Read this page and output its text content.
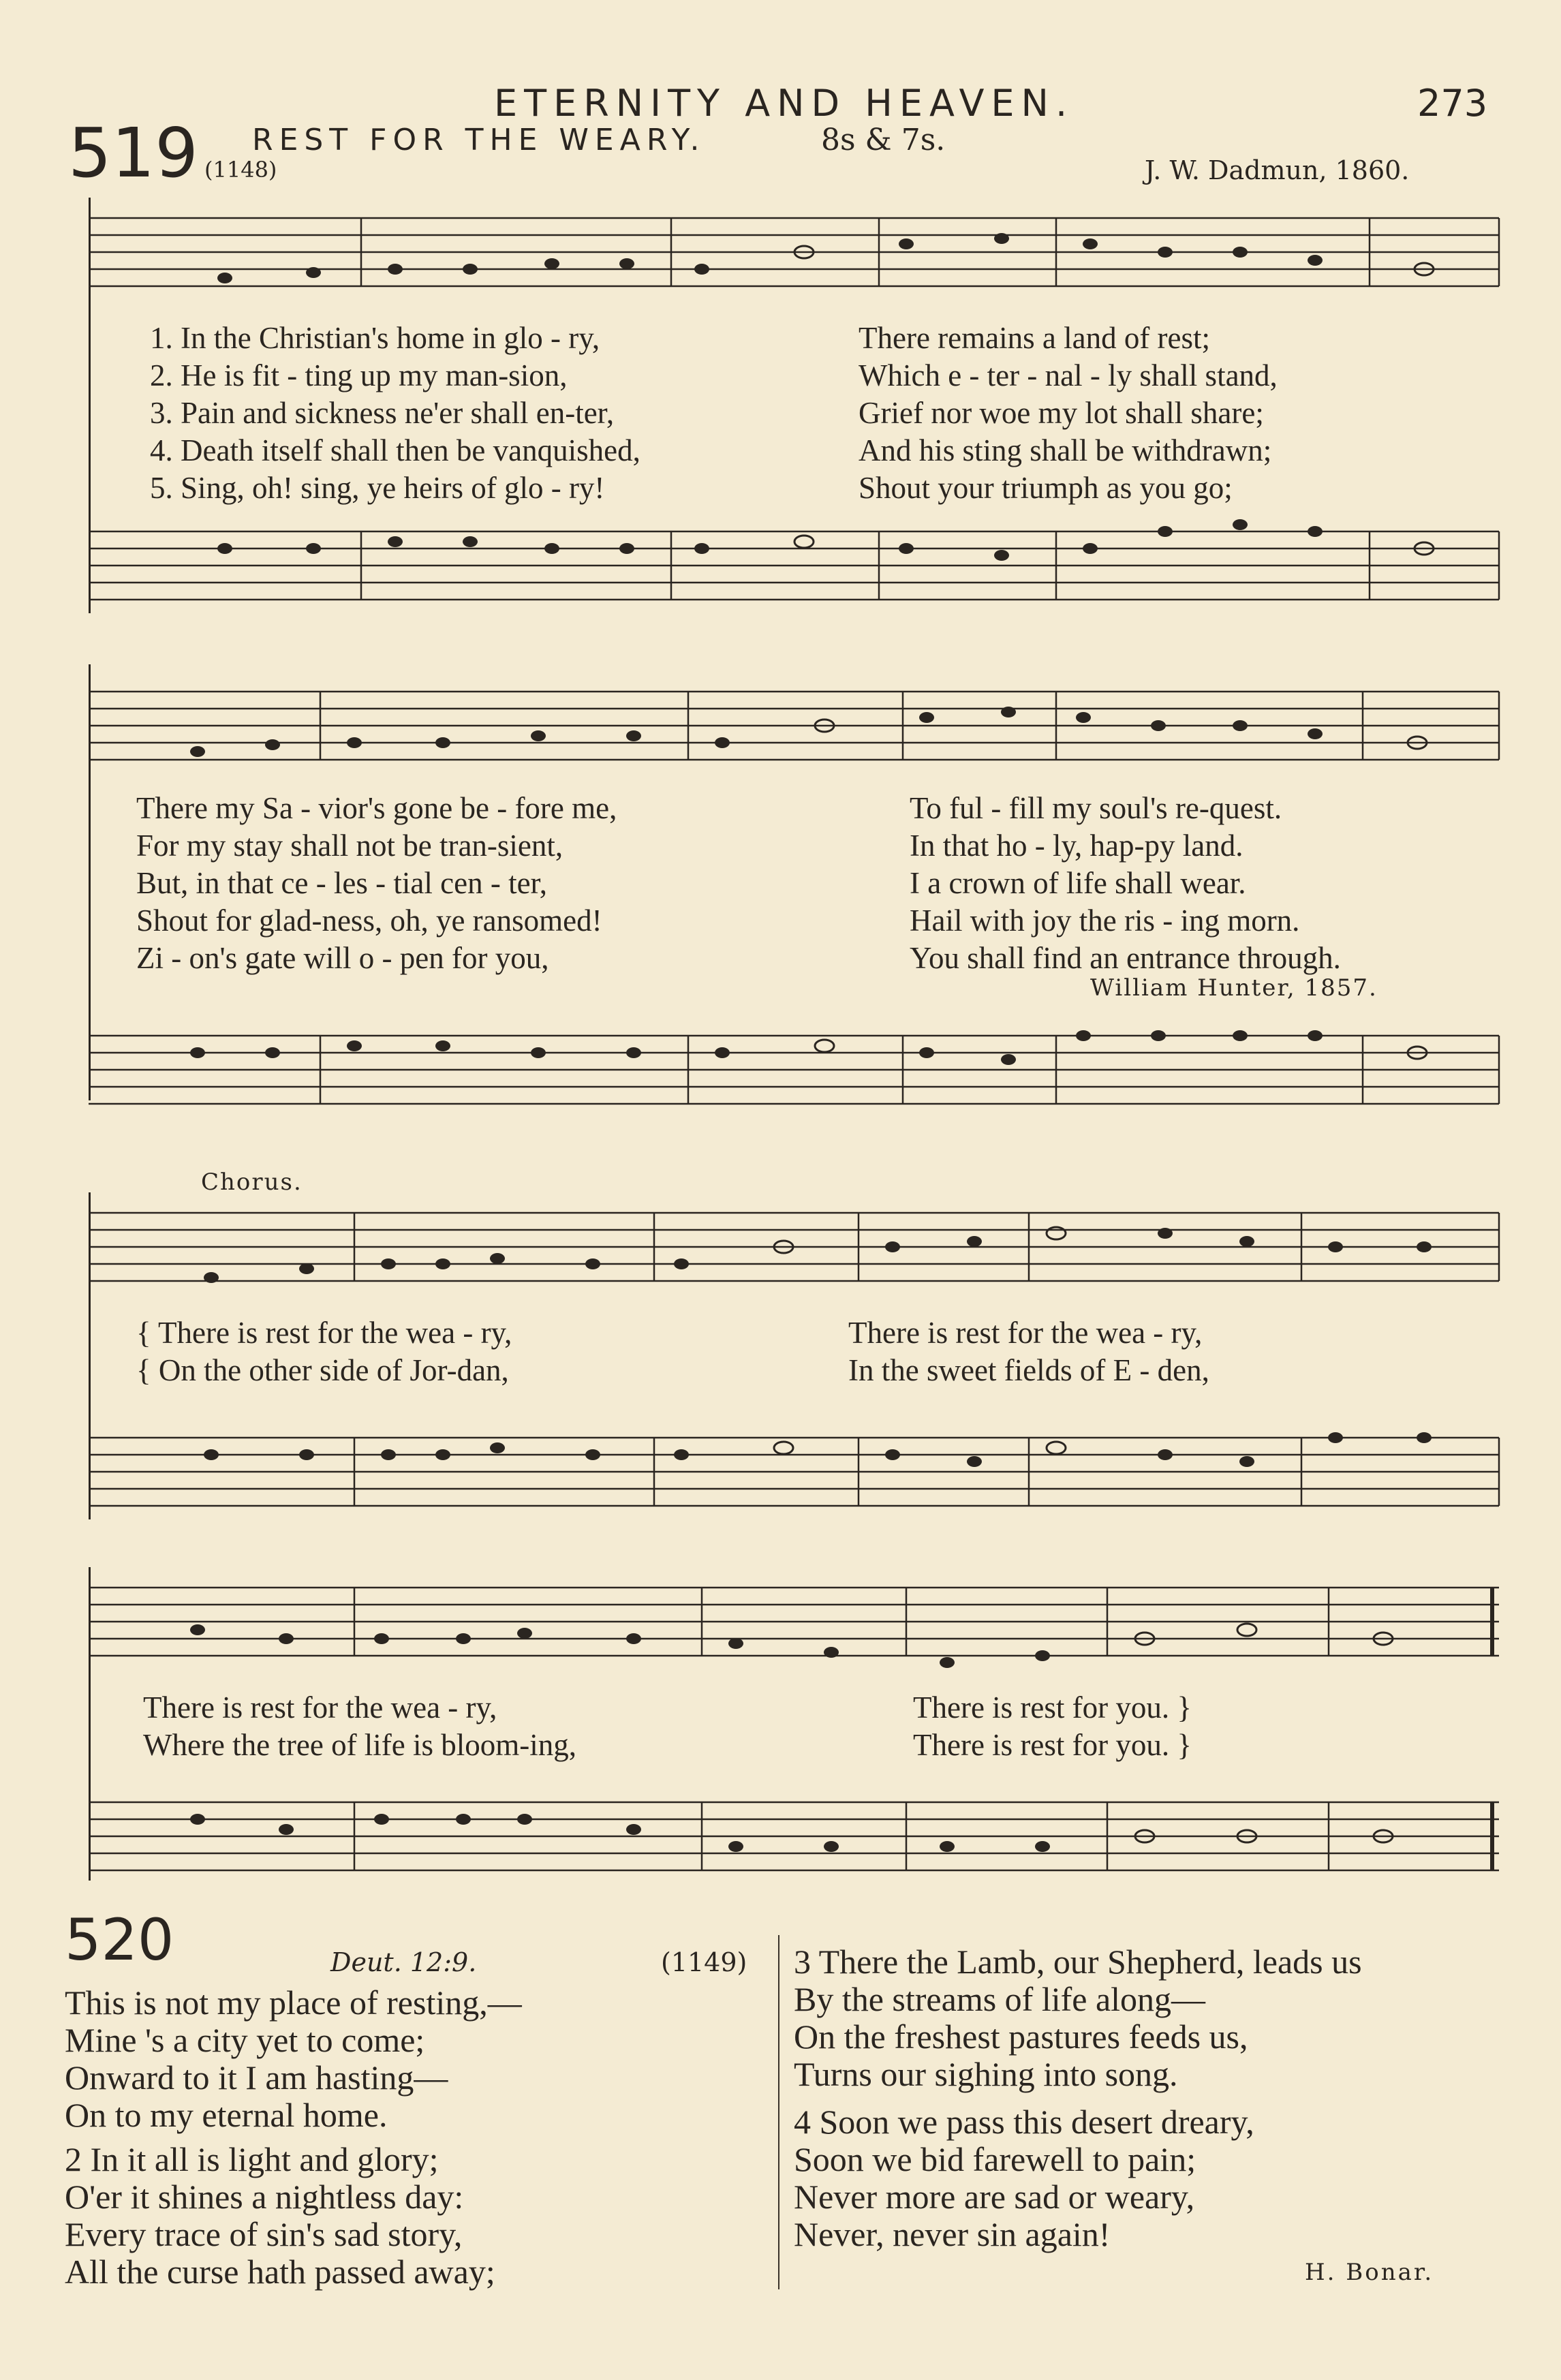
ETERNITY AND HEAVEN.	273
519 REST FOR THE WEARY.	8s & 7s.
(1148)	J. W. Dadmun, 1860.
1. In the Christian's home in glo - ry,	There remains a land of rest;
2. He is fit - ting up my man-sion,	Which e - ter - nal - ly shall stand,
3. Pain and sickness ne'er shall en-ter,	Grief nor woe my lot shall share;
4. Death itself shall then be vanquished,	And his sting shall be withdrawn;
5. Sing, oh! sing, ye heirs of glo - ry!	Shout your triumph as you go;
There my Sa - vior's gone be - fore me,	To ful - fill my soul's re-quest.
For my stay shall not be tran-sient,	In that ho - ly, hap-py land.
But, in that ce - les - tial cen - ter,	I a crown of life shall wear.
Shout for glad-ness, oh, ye ransomed!	Hail with joy the ris - ing morn.
Zi - on's gate will o - pen for you,	You shall find an entrance through.
William Hunter, 1857.
Chorus.
{ There is rest for the wea - ry,	There is rest for the wea - ry,
{ On the other side of Jor-dan,	In the sweet fields of E - den,
There is rest for the wea - ry,	There is rest for you. }
Where the tree of life is bloom-ing,	There is rest for you. }
520	Deut. 12:9.	(1149)
This is not my place of resting,—
Mine 's a city yet to come;
Onward to it I am hasting—
On to my eternal home.
2 In it all is light and glory;
O'er it shines a nightless day:
Every trace of sin's sad story,
All the curse hath passed away;
3 There the Lamb, our Shepherd, leads us
By the streams of life along—
On the freshest pastures feeds us,
Turns our sighing into song.
4 Soon we pass this desert dreary,
Soon we bid farewell to pain;
Never more are sad or weary,
Never, never sin again!
H. Bonar.
